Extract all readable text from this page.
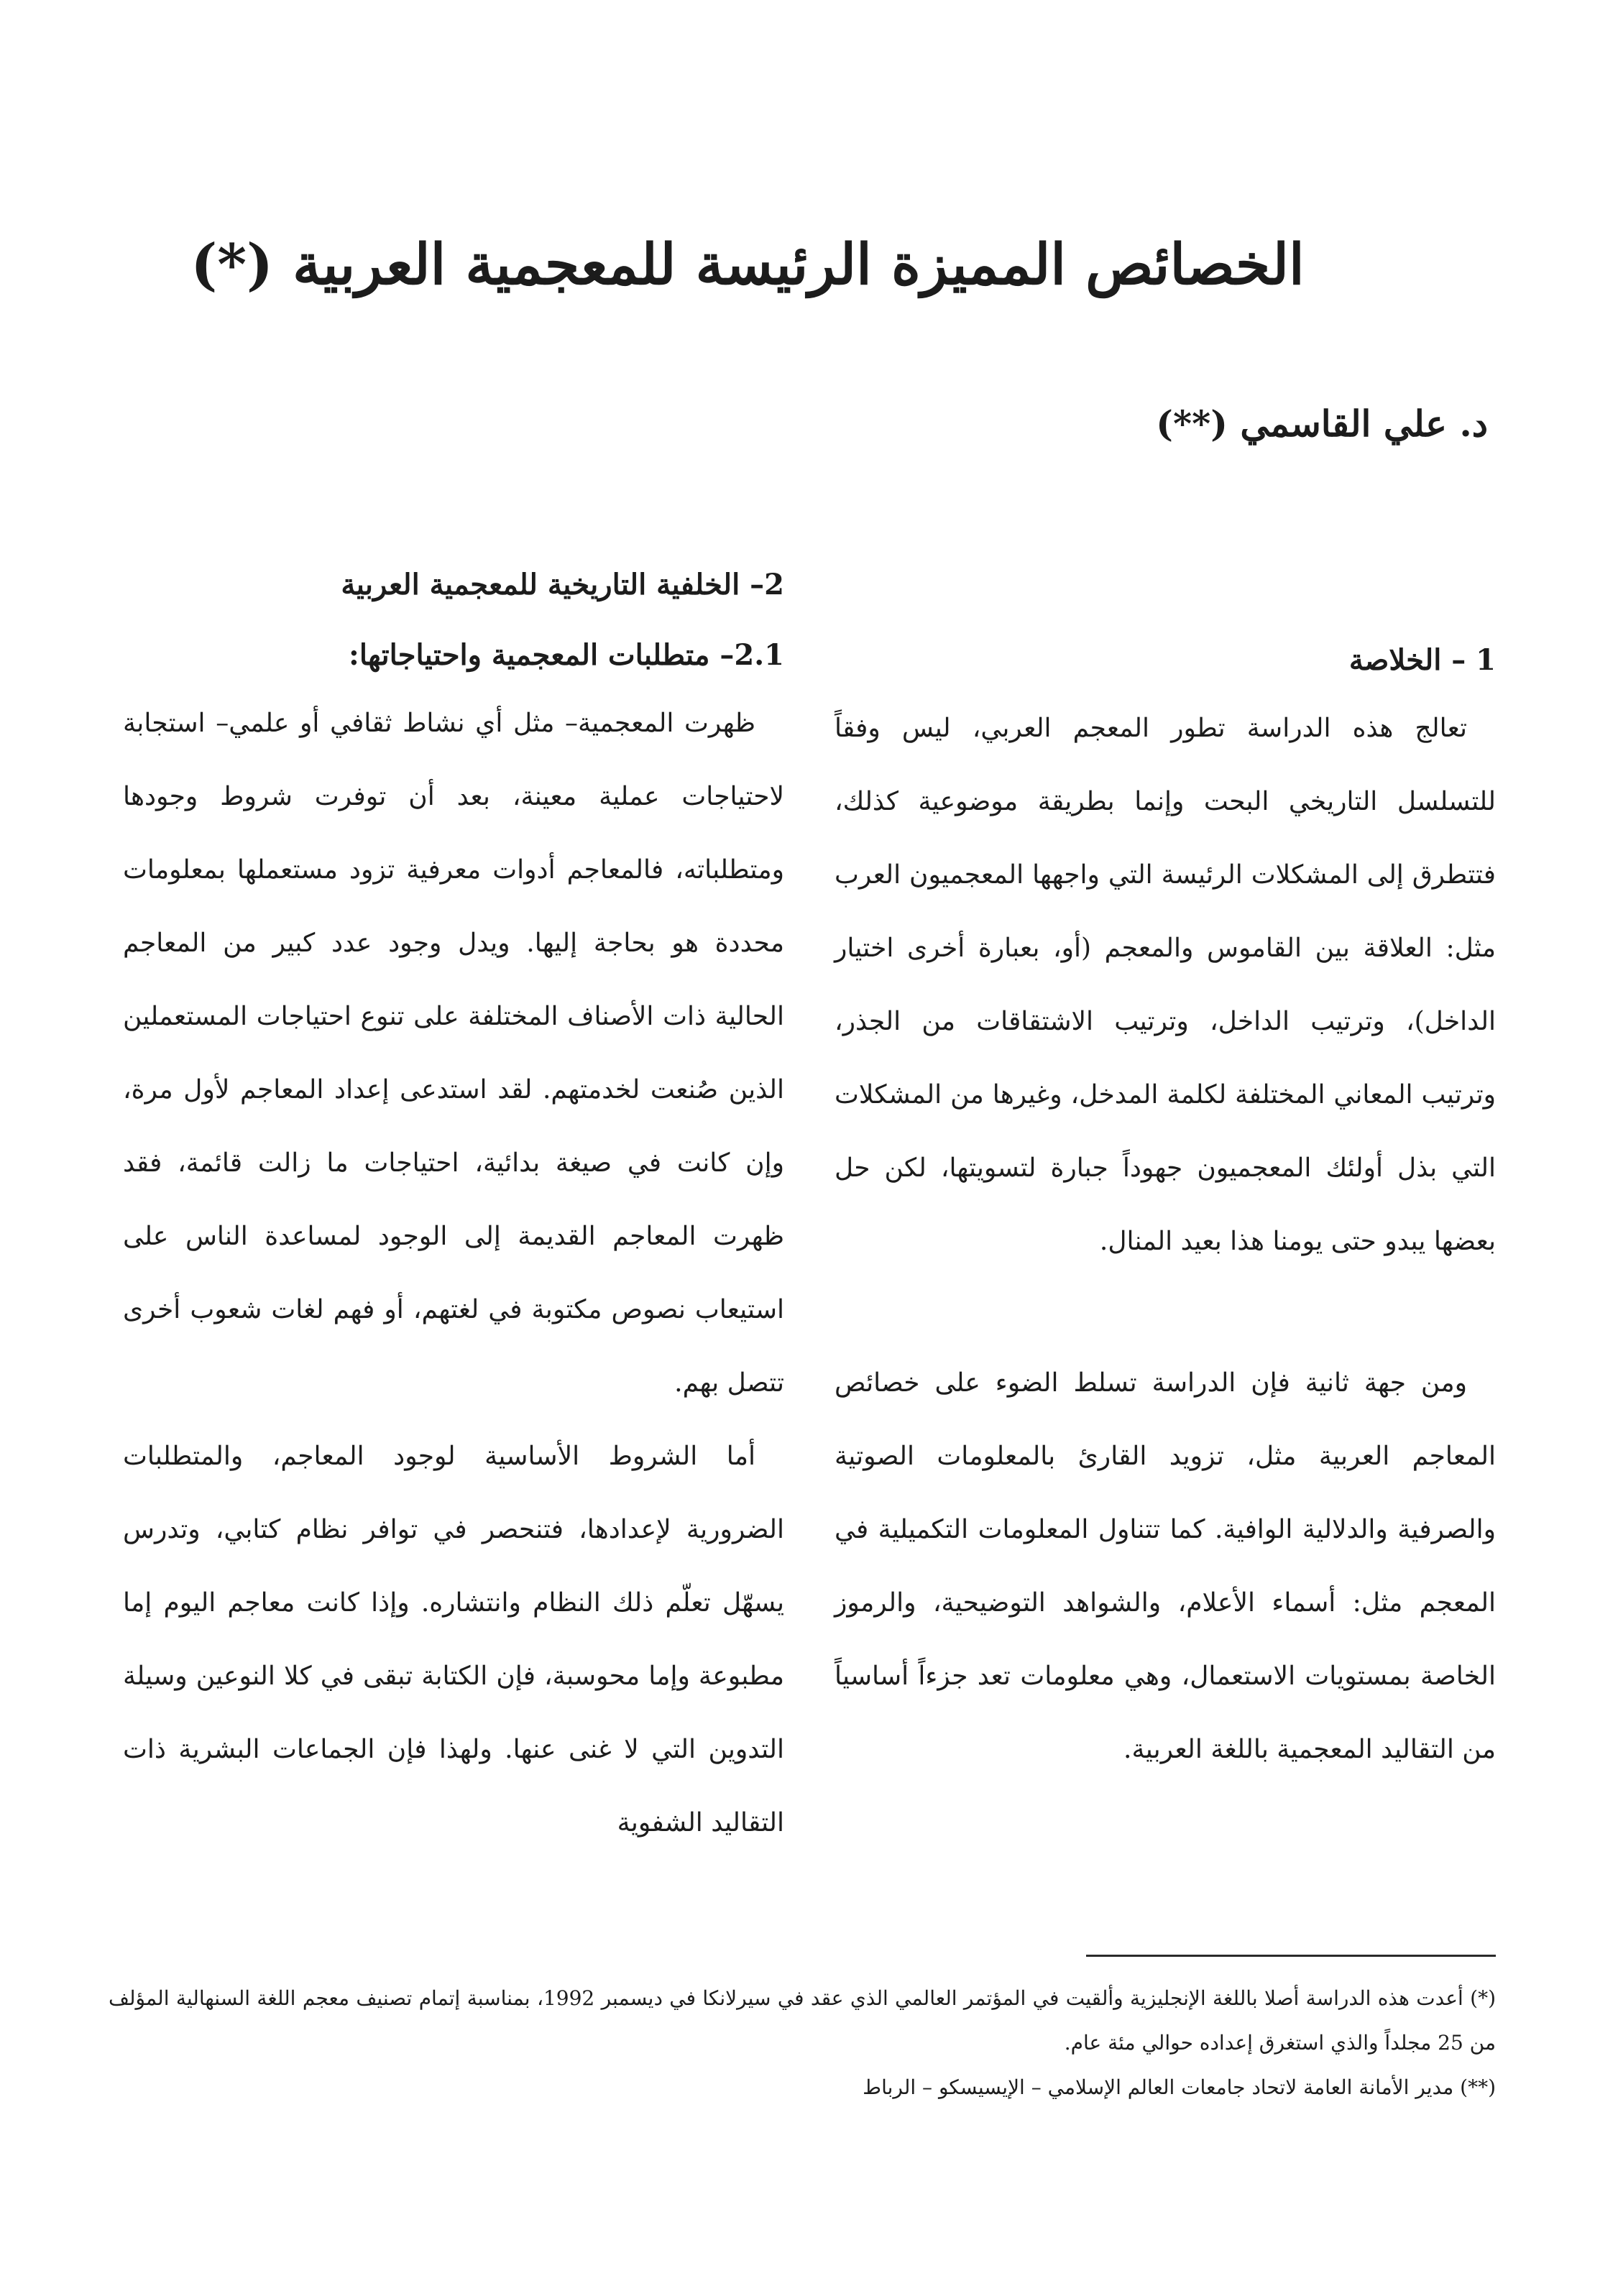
الخصائص المميزة الرئيسة للمعجمية العربية (*)
د. علي القاسمي (**)
1 – الخلاصة

تعالج هذه الدراسة تطور المعجم العربي، ليس وفقاً للتسلسل التاريخي البحت وإنما بطريقة موضوعية كذلك، فتتطرق إلى المشكلات الرئيسة التي واجهها المعجميون العرب مثل: العلاقة بين القاموس والمعجم (أو، بعبارة أخرى اختيار الداخل)، وترتيب الداخل، وترتيب الاشتقاقات من الجذر، وترتيب المعاني المختلفة لكلمة المدخل، وغيرها من المشكلات التي بذل أولئك المعجميون جهوداً جبارة لتسويتها، لكن حل بعضها يبدو حتى يومنا هذا بعيد المنال.

ومن جهة ثانية فإن الدراسة تسلط الضوء على خصائص المعاجم العربية مثل، تزويد القارئ بالمعلومات الصوتية والصرفية والدلالية الوافية. كما تتناول المعلومات التكميلية في المعجم مثل: أسماء الأعلام، والشواهد التوضيحية، والرموز الخاصة بمستويات الاستعمال، وهي معلومات تعد جزءاً أساسياً من التقاليد المعجمية باللغة العربية.

2– الخلفية التاريخية للمعجمية العربية
2.1– متطلبات المعجمية واحتياجاتها:

ظهرت المعجمية– مثل أي نشاط ثقافي أو علمي– استجابة لاحتياجات عملية معينة، بعد أن توفرت شروط وجودها ومتطلباته، فالمعاجم أدوات معرفية تزود مستعملها بمعلومات محددة هو بحاجة إليها. ويدل وجود عدد كبير من المعاجم الحالية ذات الأصناف المختلفة على تنوع احتياجات المستعملين الذين صُنعت لخدمتهم. لقد استدعى إعداد المعاجم لأول مرة، وإن كانت في صيغة بدائية، احتياجات ما زالت قائمة، فقد ظهرت المعاجم القديمة إلى الوجود لمساعدة الناس على استيعاب نصوص مكتوبة في لغتهم، أو فهم لغات شعوب أخرى تتصل بهم.

أما الشروط الأساسية لوجود المعاجم، والمتطلبات الضرورية لإعدادها، فتنحصر في توافر نظام كتابي، وتدرس يسهّل تعلّم ذلك النظام وانتشاره. وإذا كانت معاجم اليوم إما مطبوعة وإما محوسبة، فإن الكتابة تبقى في كلا النوعين وسيلة التدوين التي لا غنى عنها. ولهذا فإن الجماعات البشرية ذات التقاليد الشفوية

(*) أعدت هذه الدراسة أصلا باللغة الإنجليزية وألقيت في المؤتمر العالمي الذي عقد في سيرلانكا في ديسمبر 1992، بمناسبة إتمام تصنيف معجم اللغة السنهالية المؤلف من 25 مجلداً والذي استغرق إعداده حوالي مئة عام.

(**) مدير الأمانة العامة لاتحاد جامعات العالم الإسلامي – الإيسيسكو – الرباط
